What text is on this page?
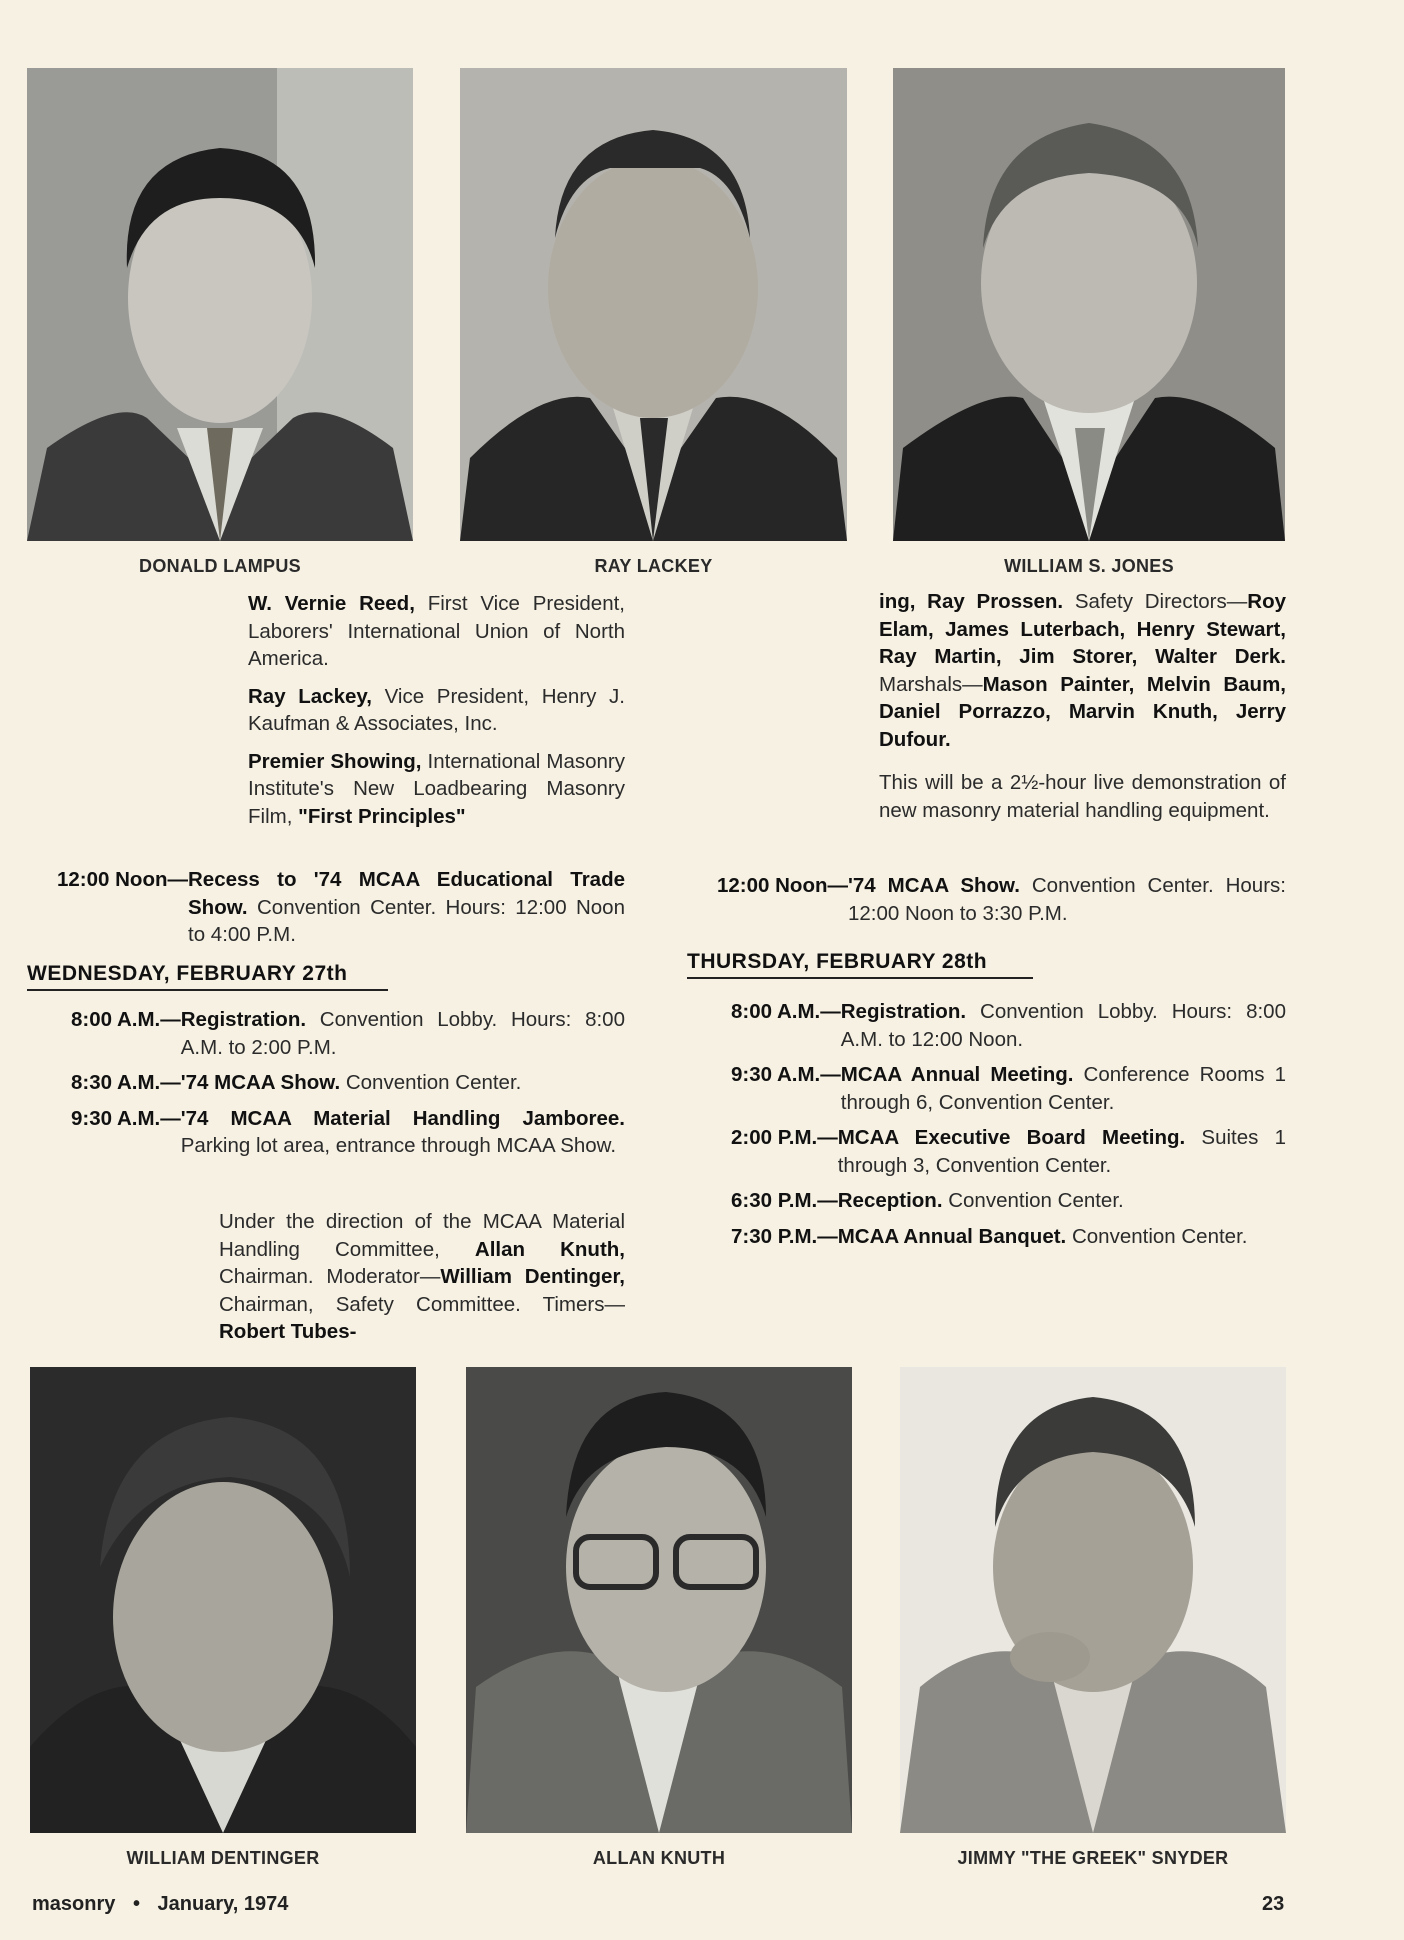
DONALD LAMPUS	RAY LACKEY	WILLIAM S. JONES

W. Vernie Reed, First Vice President, Laborers' International Union of North America.

Ray Lackey, Vice President, Henry J. Kaufman & Associates, Inc.

Premier Showing, International Masonry Institute's New Loadbearing Masonry Film, "First Principles"

12:00 Noon— Recess to '74 MCAA Educational Trade Show. Convention Center. Hours: 12:00 Noon to 4:00 P.M.
WEDNESDAY, FEBRUARY 27th
8:00 A.M.— Registration. Convention Lobby. Hours: 8:00 A.M. to 2:00 P.M.
8:30 A.M.— '74 MCAA Show. Convention Center.
9:30 A.M.— '74 MCAA Material Handling Jamboree. Parking lot area, entrance through MCAA Show.

Under the direction of the MCAA Material Handling Committee, Allan Knuth, Chairman. Moderator—William Dentinger, Chairman, Safety Committee. Timers—Robert Tubes-

ing, Ray Prossen. Safety Directors—Roy Elam, James Luterbach, Henry Stewart, Ray Martin, Jim Storer, Walter Derk. Marshals—Mason Painter, Melvin Baum, Daniel Porrazzo, Marvin Knuth, Jerry Dufour.

This will be a 2½-hour live demonstration of new masonry material handling equipment.

12:00 Noon— '74 MCAA Show. Convention Center. Hours: 12:00 Noon to 3:30 P.M.
THURSDAY, FEBRUARY 28th
8:00 A.M.— Registration. Convention Lobby. Hours: 8:00 A.M. to 12:00 Noon.
9:30 A.M.— MCAA Annual Meeting. Conference Rooms 1 through 6, Convention Center.
2:00 P.M.— MCAA Executive Board Meeting. Suites 1 through 3, Convention Center.
6:30 P.M.— Reception. Convention Center.
7:30 P.M.— MCAA Annual Banquet. Convention Center.
WILLIAM DENTINGER	ALLAN KNUTH	JIMMY "THE GREEK" SNYDER
masonry • January, 1974	23
